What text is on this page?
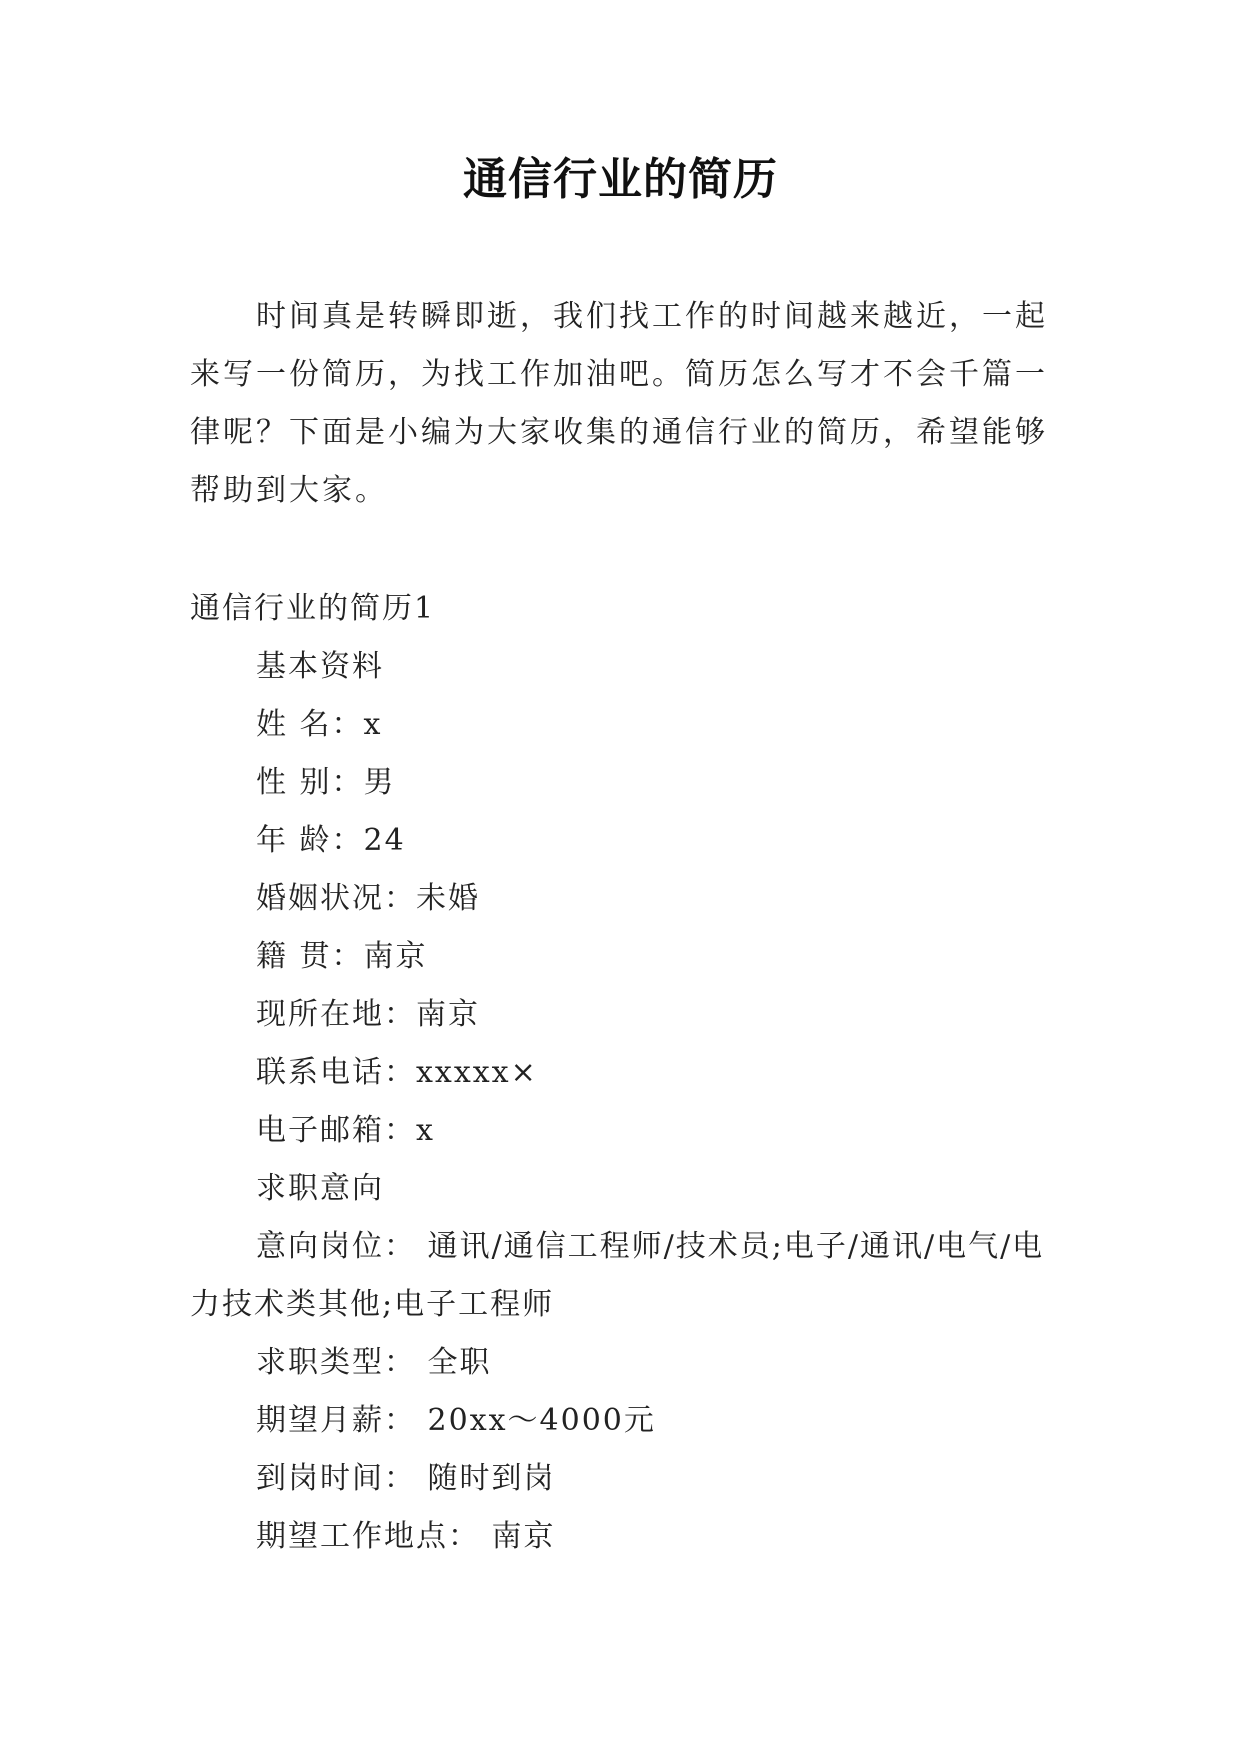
通信行业的简历

时间真是转瞬即逝，我们找工作的时间越来越近，一起来写一份简历，为找工作加油吧。简历怎么写才不会千篇一律呢？下面是小编为大家收集的通信行业的简历，希望能够帮助到大家。

通信行业的简历1
基本资料
姓 名：x
性 别：男
年 龄：24
婚姻状况：未婚
籍 贯：南京
现所在地：南京
联系电话：xxxxx×
电子邮箱：x
求职意向
意向岗位： 通讯/通信工程师/技术员;电子/通讯/电气/电力技术类其他;电子工程师
求职类型： 全职
期望月薪： 20xx～4000元
到岗时间： 随时到岗
期望工作地点： 南京
